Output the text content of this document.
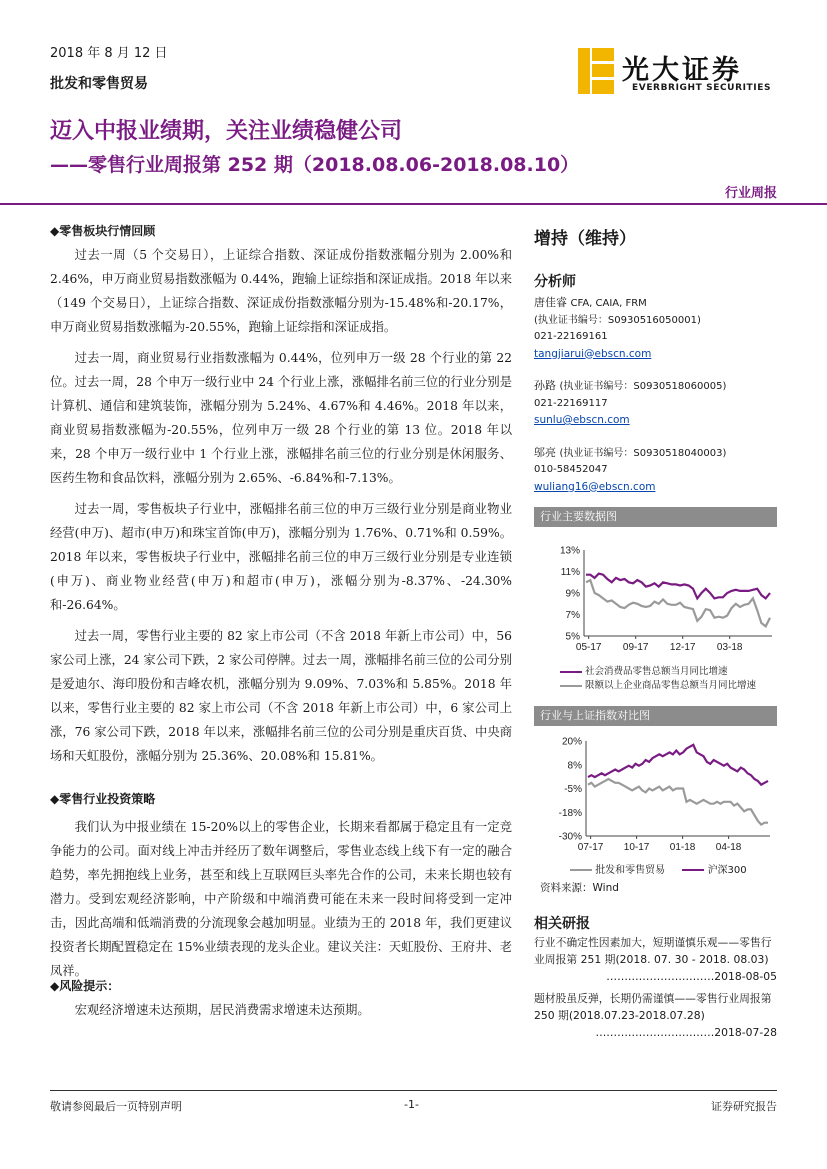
2018 年 8 月 12 日
批发和零售贸易	光大证券
EVERBRIGHT SECURITIES
迈入中报业绩期，关注业绩稳健公司
——零售行业周报第 252 期（2018.08.06-2018.08.10）
行业周报
◆零售板块行情回顾

过去一周（5 个交易日），上证综合指数、深证成份指数涨幅分别为 2.00%和 2.46%，申万商业贸易指数涨幅为 0.44%，跑输上证综指和深证成指。2018 年以来（149 个交易日），上证综合指数、深证成份指数涨幅分别为-15.48%和-20.17%，申万商业贸易指数涨幅为-20.55%，跑输上证综指和深证成指。

过去一周，商业贸易行业指数涨幅为 0.44%，位列申万一级 28 个行业的第 22 位。过去一周，28 个申万一级行业中 24 个行业上涨，涨幅排名前三位的行业分别是计算机、通信和建筑装饰，涨幅分别为 5.24%、4.67%和 4.46%。2018 年以来，商业贸易指数涨幅为-20.55%，位列申万一级 28 个行业的第 13 位。2018 年以来，28 个申万一级行业中 1 个行业上涨，涨幅排名前三位的行业分别是休闲服务、医药生物和食品饮料，涨幅分别为 2.65%、-6.84%和-7.13%。

过去一周，零售板块子行业中，涨幅排名前三位的申万三级行业分别是商业物业经营(申万)、超市(申万)和珠宝首饰(申万)，涨幅分别为 1.76%、0.71%和 0.59%。2018 年以来，零售板块子行业中，涨幅排名前三位的申万三级行业分别是专业连锁(申万)、商业物业经营(申万)和超市(申万)，涨幅分别为-8.37%、-24.30%和-26.64%。

过去一周，零售行业主要的 82 家上市公司（不含 2018 年新上市公司）中，56 家公司上涨，24 家公司下跌，2 家公司停牌。过去一周，涨幅排名前三位的公司分别是爱迪尔、海印股份和吉峰农机，涨幅分别为 9.09%、7.03%和 5.85%。2018 年以来，零售行业主要的 82 家上市公司（不含 2018 年新上市公司）中，6 家公司上涨，76 家公司下跌，2018 年以来，涨幅排名前三位的公司分别是重庆百货、中央商场和天虹股份，涨幅分别为 25.36%、20.08%和 15.81%。

◆零售行业投资策略

我们认为中报业绩在 15-20%以上的零售企业，长期来看都属于稳定且有一定竞争能力的公司。面对线上冲击并经历了数年调整后，零售业态线上线下有一定的融合趋势，率先拥抱线上业务，甚至和线上互联网巨头率先合作的公司，未来长期也较有潜力。受到宏观经济影响，中产阶级和中端消费可能在未来一段时间将受到一定冲击，因此高端和低端消费的分流现象会越加明显。业绩为王的 2018 年，我们更建议投资者长期配置稳定在 15%业绩表现的龙头企业。建议关注：天虹股份、王府井、老凤祥。

◆风险提示：

宏观经济增速未达预期，居民消费需求增速未达预期。

增持（维持）
分析师
唐佳睿 CFA, CAIA, FRM
(执业证书编号：S0930516050001)
021-22169161
tangjiarui@ebscn.com
孙路 (执业证书编号：S0930518060005)
021-22169117
sunlu@ebscn.com
邬亮 (执业证书编号：S0930518040003)
010-58452047
wuliang16@ebscn.com
行业主要数据图
13%
11%
9%
7%
5%
05-17 09-17 12-17 03-18
社会消费品零售总额当月同比增速
限额以上企业商品零售总额当月同比增速
行业与上证指数对比图
20%
8%
-5%
-18%
-30%
07-17 10-17 01-18 04-18
批发和零售贸易	沪深300
资料来源：Wind
相关研报
行业不确定性因素加大，短期谨慎乐观——零售行业周报第 251 期(2018. 07. 30 - 2018. 08.03)
…………………………2018-08-05
题材股虽反弹，长期仍需谨慎——零售行业周报第 250 期(2018.07.23-2018.07.28)
……………………………2018-07-28
敬请参阅最后一页特别声明	-1-	证券研究报告
